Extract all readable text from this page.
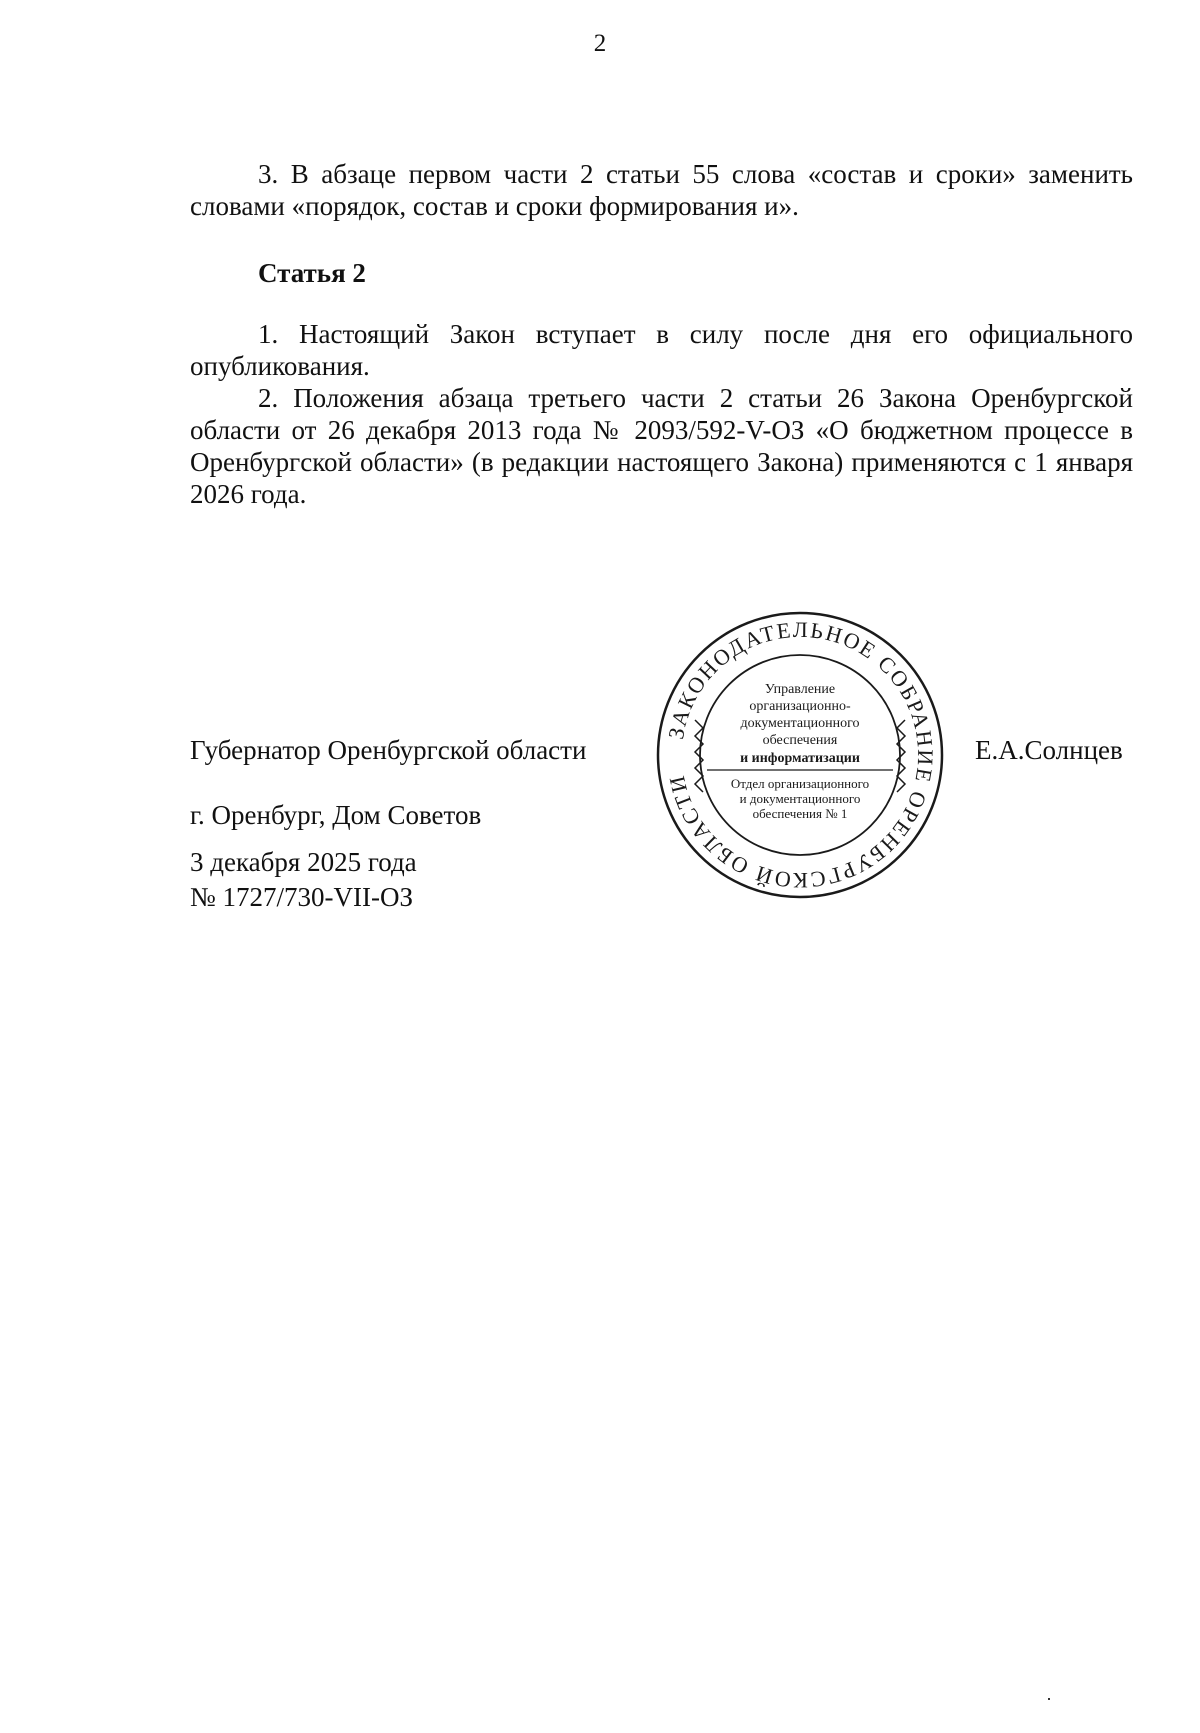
2
3. В абзаце первом части 2 статьи 55 слова «состав и сроки» заменить
словами «порядок, состав и сроки формирования и».
Статья 2

1. Настоящий Закон вступает в силу после дня его официального опубликования.

2. Положения абзаца третьего части 2 статьи 26 Закона Оренбургской области от 26 декабря 2013 года № 2093/592-V-ОЗ «О бюджетном процессе в Оренбургской области» (в редакции настоящего Закона) применяются с 1 января 2026 года.

Губернатор Оренбургской области	Е.А.Солнцев
г. Оренбург, Дом Советов
3 декабря 2025 года
№ 1727/730-VII-ОЗ
ЗАКОНОДАТЕЛЬНОЕ СОБРАНИЕ ОРЕНБУРГСКОЙ ОБЛАСТИ
Управление
организационно-
документационного
обеспечения
и информатизации
Отдел организационного
и документационного
обеспечения № 1
